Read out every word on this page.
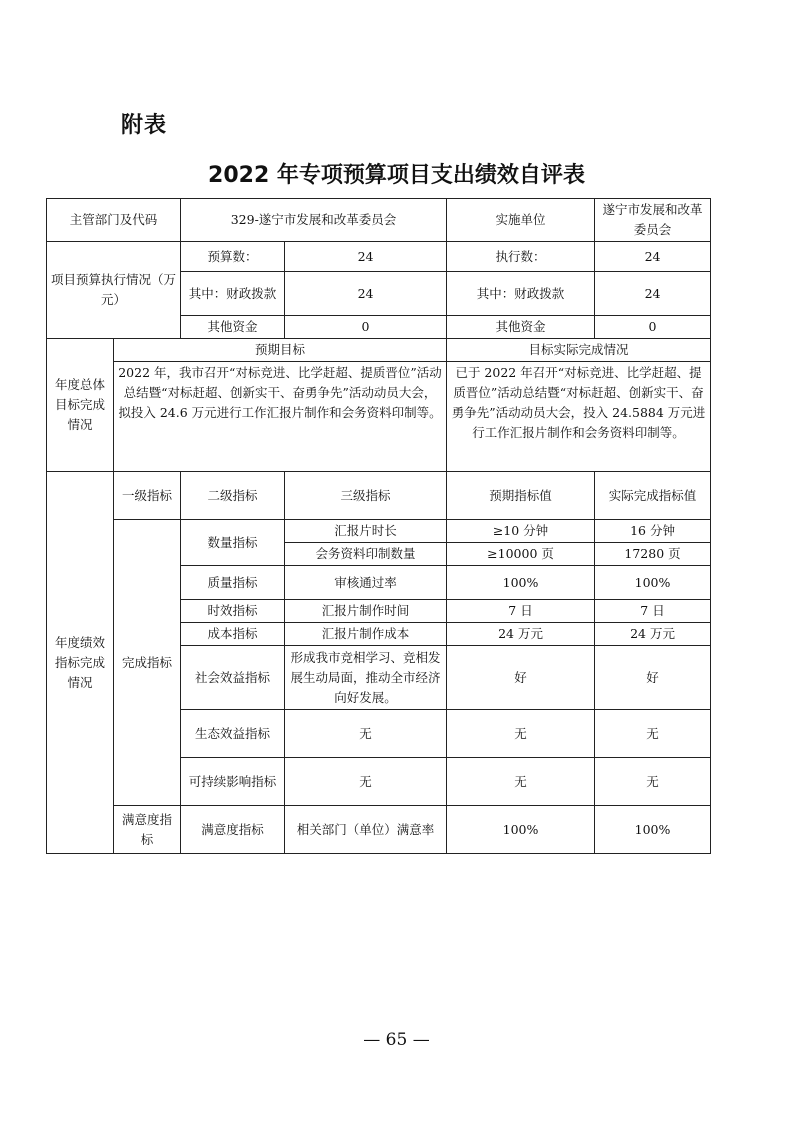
附表
2022 年专项预算项目支出绩效自评表
主管部门及代码		329-遂宁市发展和改革委员会		实施单位	遂宁市发展和改革委员会
项目预算执行情况（万元）		预算数：	24	执行数：	24
		其中：财政拨款	24	其中：财政拨款	24
		其他资金	0	其他资金	0
年度总体目标完成情况	预期目标			目标实际完成情况	
	2022 年，我市召开“对标竞进、比学赶超、提质晋位”活动总结暨“对标赶超、创新实干、奋勇争先”活动动员大会，拟投入 24.6 万元进行工作汇报片制作和会务资料印制等。			已于 2022 年召开“对标竞进、比学赶超、提质晋位”活动总结暨“对标赶超、创新实干、奋勇争先”活动动员大会，投入 24.5884 万元进行工作汇报片制作和会务资料印制等。	
年度绩效指标完成情况	一级指标	二级指标	三级指标	预期指标值	实际完成指标值
	完成指标	数量指标	汇报片时长	≥10 分钟	16 分钟
			会务资料印制数量	≥10000 页	17280 页
		质量指标	审核通过率	100%	100%
		时效指标	汇报片制作时间	7 日	7 日
		成本指标	汇报片制作成本	24 万元	24 万元
		社会效益指标	形成我市竞相学习、竞相发展生动局面，推动全市经济向好发展。	好	好
		生态效益指标	无	无	无
		可持续影响指标	无	无	无
	满意度指标	满意度指标	相关部门（单位）满意率	100%	100%
— 65 —
